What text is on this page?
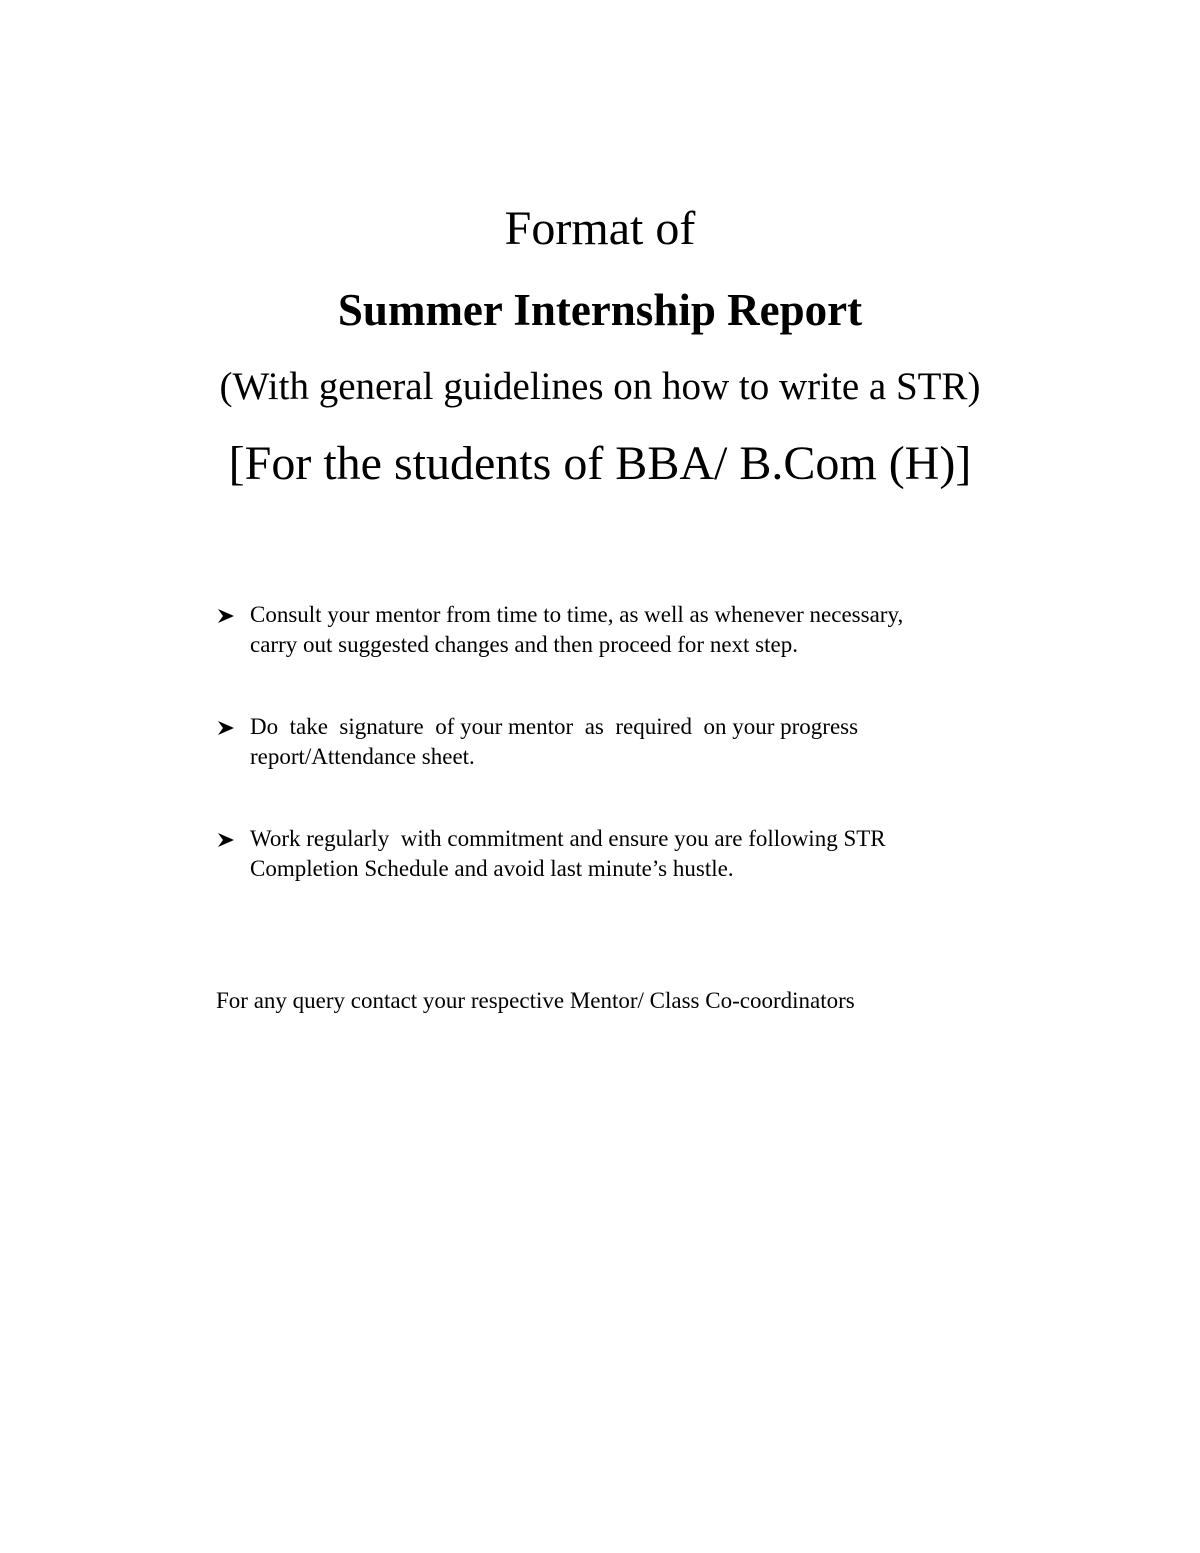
Format of
Summer Internship Report
(With general guidelines on how to write a STR)
[For the students of BBA/ B.Com (H)]
Consult your mentor from time to time, as well as whenever necessary,
carry out suggested changes and then proceed for next step.
Do  take  signature  of your mentor  as  required  on your progress
report/Attendance sheet.
Work regularly  with commitment and ensure you are following STR
Completion Schedule and avoid last minute’s hustle.
For any query contact your respective Mentor/ Class Co-coordinators
